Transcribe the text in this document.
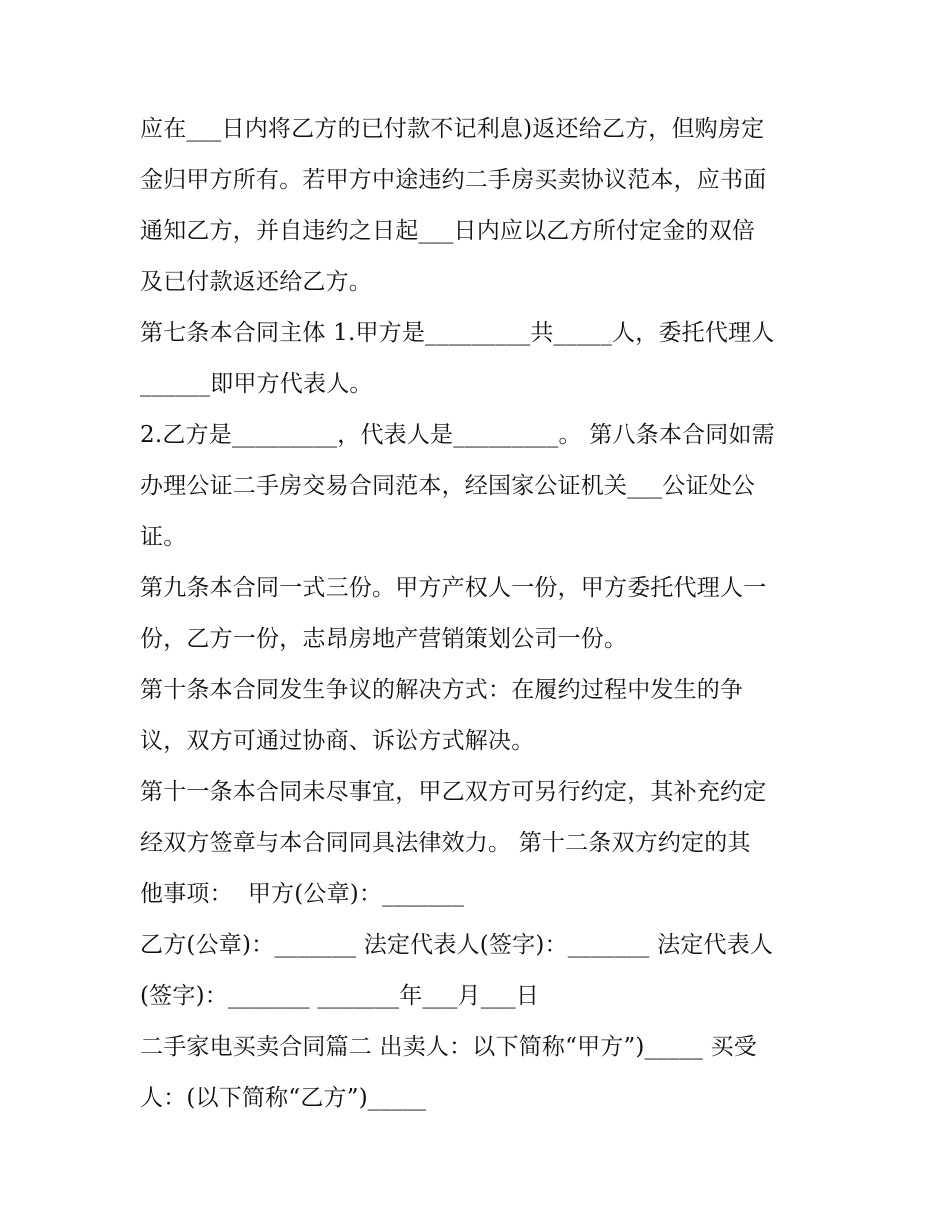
应在___日内将乙方的已付款不记利息)返还给乙方，但购房定
金归甲方所有。若甲方中途违约二手房买卖协议范本，应书面
通知乙方，并自违约之日起___日内应以乙方所付定金的双倍
及已付款返还给乙方。
第七条本合同主体 1.甲方是_________共_____人，委托代理人
______即甲方代表人。
2.乙方是_________，代表人是_________。 第八条本合同如需
办理公证二手房交易合同范本，经国家公证机关___公证处公
证。
第九条本合同一式三份。甲方产权人一份，甲方委托代理人一
份，乙方一份，志昂房地产营销策划公司一份。
第十条本合同发生争议的解决方式：在履约过程中发生的争
议，双方可通过协商、诉讼方式解决。
第十一条本合同未尽事宜，甲乙双方可另行约定，其补充约定
经双方签章与本合同同具法律效力。 第十二条双方约定的其
他事项：  甲方(公章)：_______
乙方(公章)：_______ 法定代表人(签字)：_______ 法定代表人
(签字)：_______ _______年___月___日
二手家电买卖合同篇二 出卖人：以下简称“甲方”)_____ 买受
人：(以下简称“乙方”)_____
